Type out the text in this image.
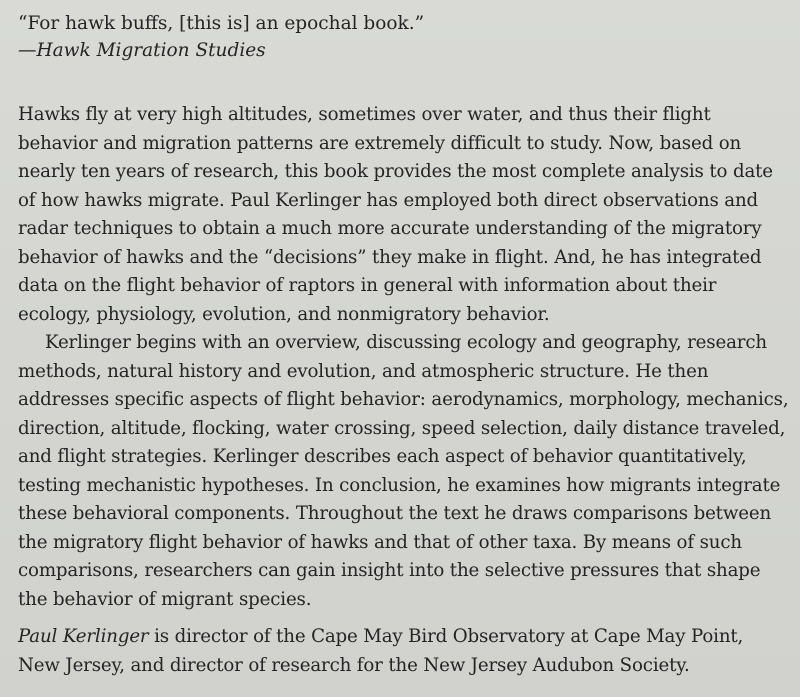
“For hawk buffs, [this is] an epochal book.”
—Hawk Migration Studies
Hawks fly at very high altitudes, sometimes over water, and thus their flight
behavior and migration patterns are extremely difficult to study. Now, based on
nearly ten years of research, this book provides the most complete analysis to date
of how hawks migrate. Paul Kerlinger has employed both direct observations and
radar techniques to obtain a much more accurate understanding of the migratory
behavior of hawks and the “decisions” they make in flight. And, he has integrated
data on the flight behavior of raptors in general with information about their
ecology, physiology, evolution, and nonmigratory behavior.
Kerlinger begins with an overview, discussing ecology and geography, research
methods, natural history and evolution, and atmospheric structure. He then
addresses specific aspects of flight behavior: aerodynamics, morphology, mechanics,
direction, altitude, flocking, water crossing, speed selection, daily distance traveled,
and flight strategies. Kerlinger describes each aspect of behavior quantitatively,
testing mechanistic hypotheses. In conclusion, he examines how migrants integrate
these behavioral components. Throughout the text he draws comparisons between
the migratory flight behavior of hawks and that of other taxa. By means of such
comparisons, researchers can gain insight into the selective pressures that shape
the behavior of migrant species.
Paul Kerlinger is director of the Cape May Bird Observatory at Cape May Point,
New Jersey, and director of research for the New Jersey Audubon Society.
